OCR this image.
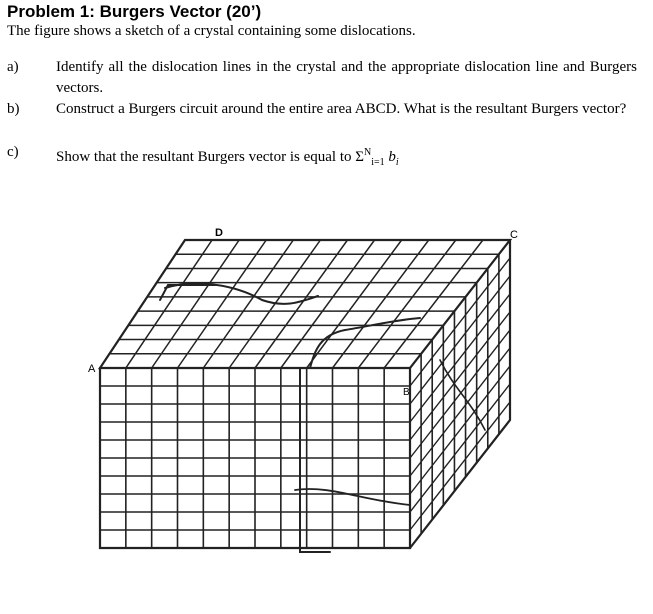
Problem 1: Burgers Vector (20’)
The figure shows a sketch of a crystal containing some dislocations.
a)	Identify all the dislocation lines in the crystal and the appropriate dislocation line and Burgers vectors.
b)	Construct a Burgers circuit around the entire area ABCD. What is the resultant Burgers vector?
c)	Show that the resultant Burgers vector is equal to $\Sigma^N_{i=1}$ $b_i$
D	C
A
B
